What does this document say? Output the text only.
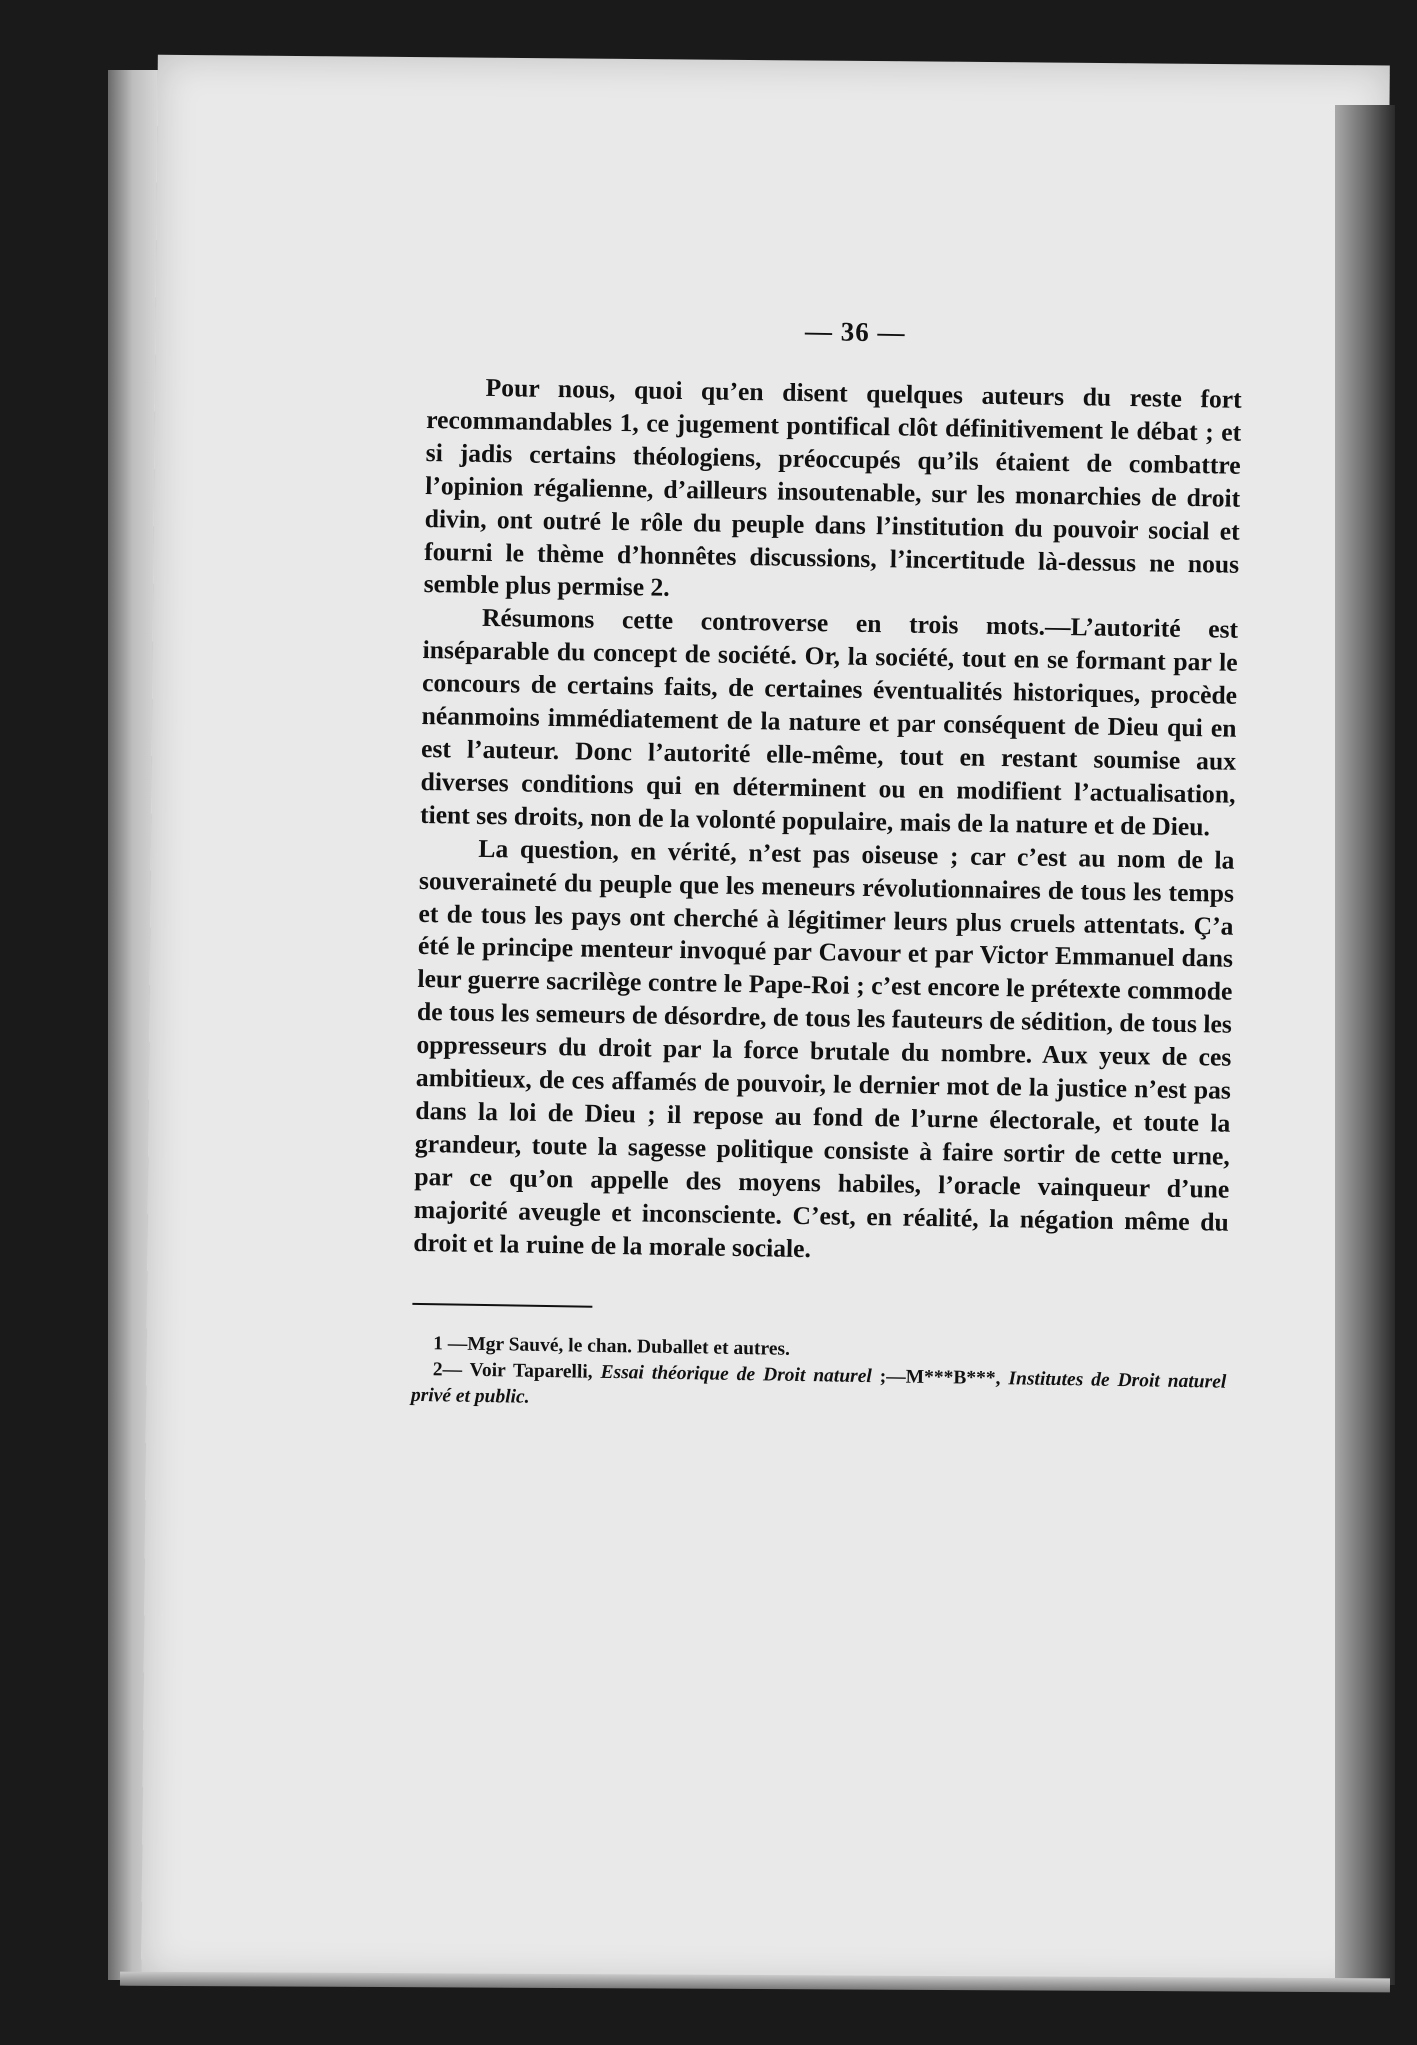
— 36 —

Pour nous, quoi qu’en disent quelques auteurs du reste fort recommandables 1, ce jugement pontifical clôt définitivement le débat ; et si jadis certains théologiens, préoccupés qu’ils étaient de combattre l’opinion régalienne, d’ailleurs insoutenable, sur les monarchies de droit divin, ont outré le rôle du peuple dans l’institution du pouvoir social et fourni le thème d’honnêtes discussions, l’incertitude là-dessus ne nous semble plus permise 2.

Résumons cette controverse en trois mots.—L’autorité est inséparable du concept de société. Or, la société, tout en se formant par le concours de certains faits, de certaines éventualités historiques, procède néanmoins immédiatement de la nature et par conséquent de Dieu qui en est l’auteur. Donc l’autorité elle-même, tout en restant soumise aux diverses conditions qui en déterminent ou en modifient l’actualisation, tient ses droits, non de la volonté populaire, mais de la nature et de Dieu.

La question, en vérité, n’est pas oiseuse ; car c’est au nom de la souveraineté du peuple que les meneurs révolutionnaires de tous les temps et de tous les pays ont cherché à légitimer leurs plus cruels attentats. Ç’a été le principe menteur invoqué par Cavour et par Victor Emmanuel dans leur guerre sacrilège contre le Pape-Roi ; c’est encore le prétexte commode de tous les semeurs de désordre, de tous les fauteurs de sédition, de tous les oppresseurs du droit par la force brutale du nombre. Aux yeux de ces ambitieux, de ces affamés de pouvoir, le dernier mot de la justice n’est pas dans la loi de Dieu ; il repose au fond de l’urne électorale, et toute la grandeur, toute la sagesse politique consiste à faire sortir de cette urne, par ce qu’on appelle des moyens habiles, l’oracle vainqueur d’une majorité aveugle et inconsciente. C’est, en réalité, la négation même du droit et la ruine de la morale sociale.

1 —Mgr Sauvé, le chan. Duballet et autres.

2— Voir Taparelli, Essai théorique de Droit naturel ;—M***B***, Institutes de Droit naturel privé et public.
